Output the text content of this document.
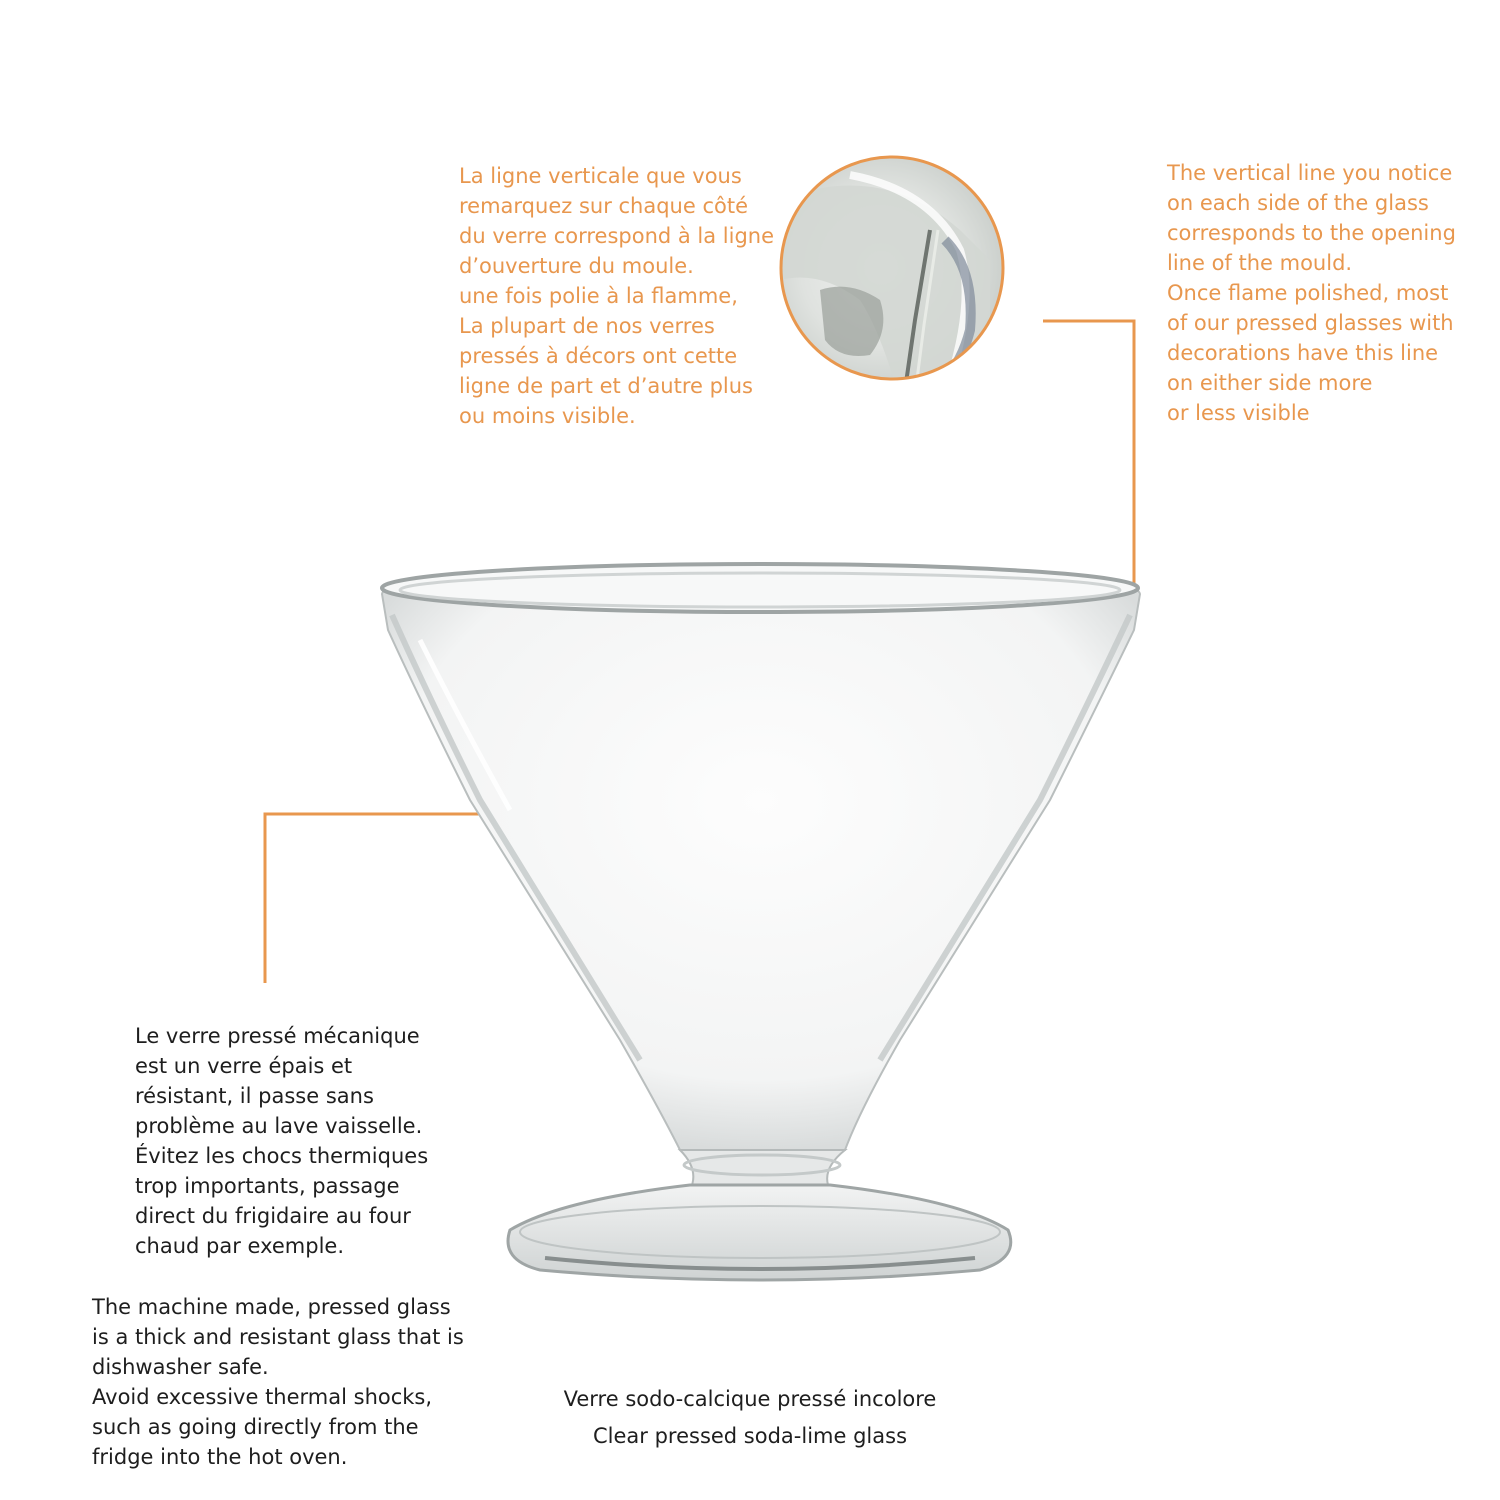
La ligne verticale que vous
remarquez sur chaque côté
du verre correspond à la ligne
d’ouverture du moule.
une fois polie à la flamme,
La plupart de nos verres
pressés à décors ont cette
ligne de part et d’autre plus
ou moins visible.

The vertical line you notice
on each side of the glass
corresponds to the opening
line of the mould.
Once flame polished, most
of our pressed glasses with
decorations have this line
on either side more
or less visible

Le verre pressé mécanique
est un verre épais et
résistant, il passe sans
problème au lave vaisselle.
Évitez les chocs thermiques
trop importants, passage
direct du frigidaire au four
chaud par exemple.

The machine made, pressed glass
is a thick and resistant glass that is
dishwasher safe.
Avoid excessive thermal shocks,
such as going directly from the
fridge into the hot oven.

Verre sodo-calcique pressé incolore
Clear pressed soda-lime glass
